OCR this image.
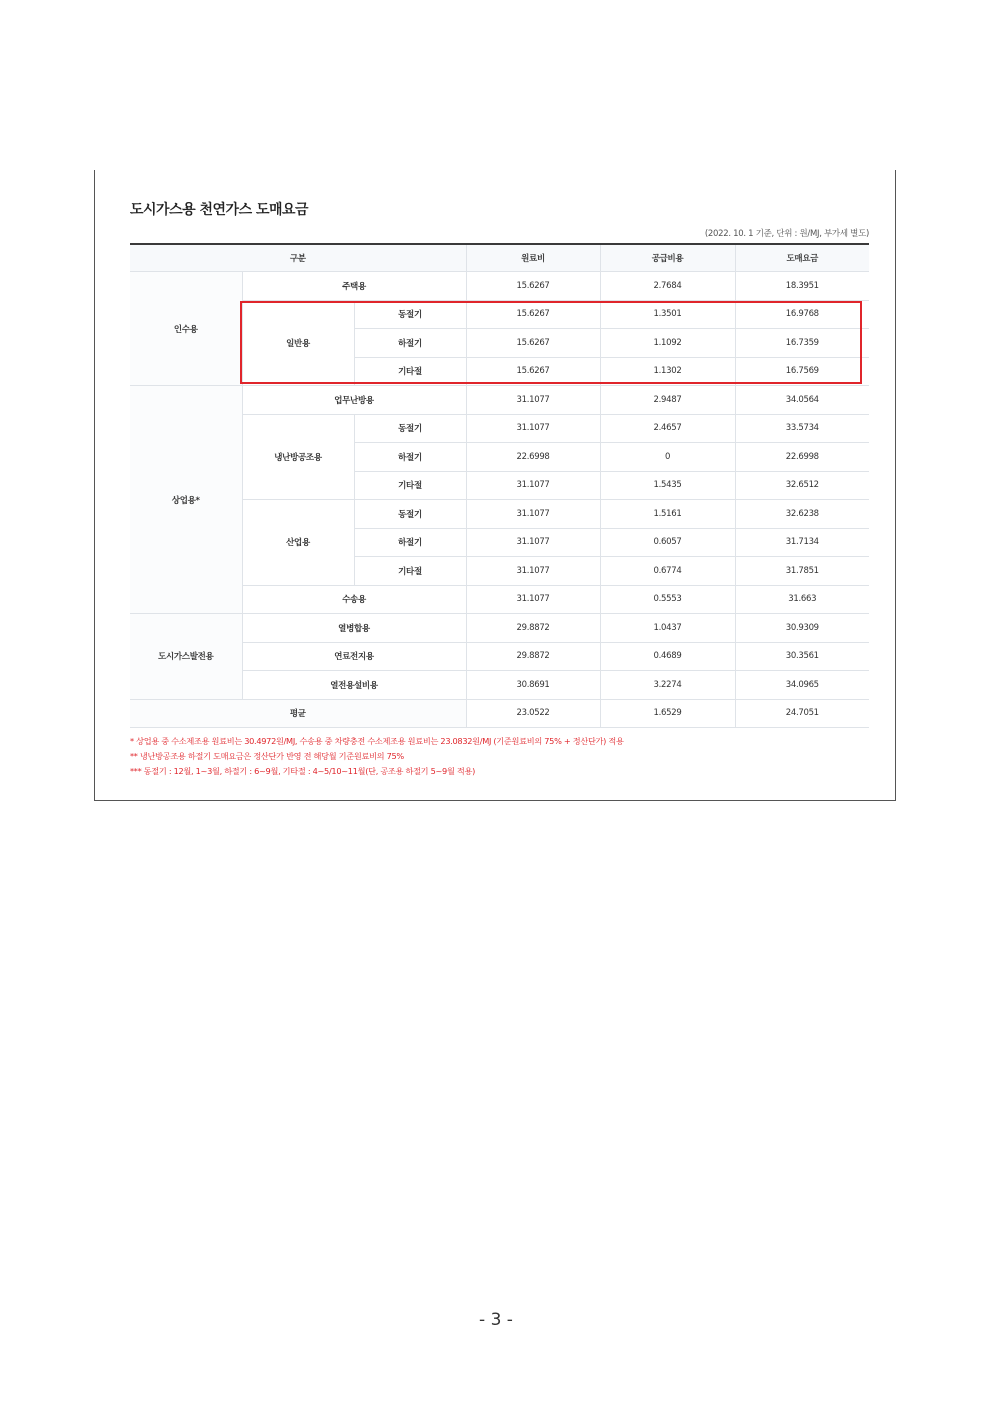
도시가스용 천연가스 도매요금
(2022. 10. 1 기준, 단위 : 원/MJ, 부가세 별도)
구분			원료비	공급비용	도매요금
인수용	주택용		15.6267	2.7684	18.3951
	일반용	동절기	15.6267	1.3501	16.9768
		하절기	15.6267	1.1092	16.7359
		기타절	15.6267	1.1302	16.7569
상업용*	업무난방용		31.1077	2.9487	34.0564
	냉난방공조용	동절기	31.1077	2.4657	33.5734
		하절기	22.6998	0	22.6998
		기타절	31.1077	1.5435	32.6512
	산업용	동절기	31.1077	1.5161	32.6238
		하절기	31.1077	0.6057	31.7134
		기타절	31.1077	0.6774	31.7851
	수송용		31.1077	0.5553	31.663
도시가스발전용	열병합용		29.8872	1.0437	30.9309
	연료전지용		29.8872	0.4689	30.3561
	열전용설비용		30.8691	3.2274	34.0965
평균			23.0522	1.6529	24.7051
* 상업용 중 수소제조용 원료비는 30.4972원/MJ, 수송용 중 차량충전 수소제조용 원료비는 23.0832원/MJ (기준원료비의 75% + 정산단가) 적용
** 냉난방공조용 하절기 도매요금은 정산단가 반영 전 해당월 기준원료비의 75%
*** 동절기 : 12월, 1~3월, 하절기 : 6~9월, 기타절 : 4~5/10~11월(단, 공조용 하절기 5~9월 적용)
- 3 -
